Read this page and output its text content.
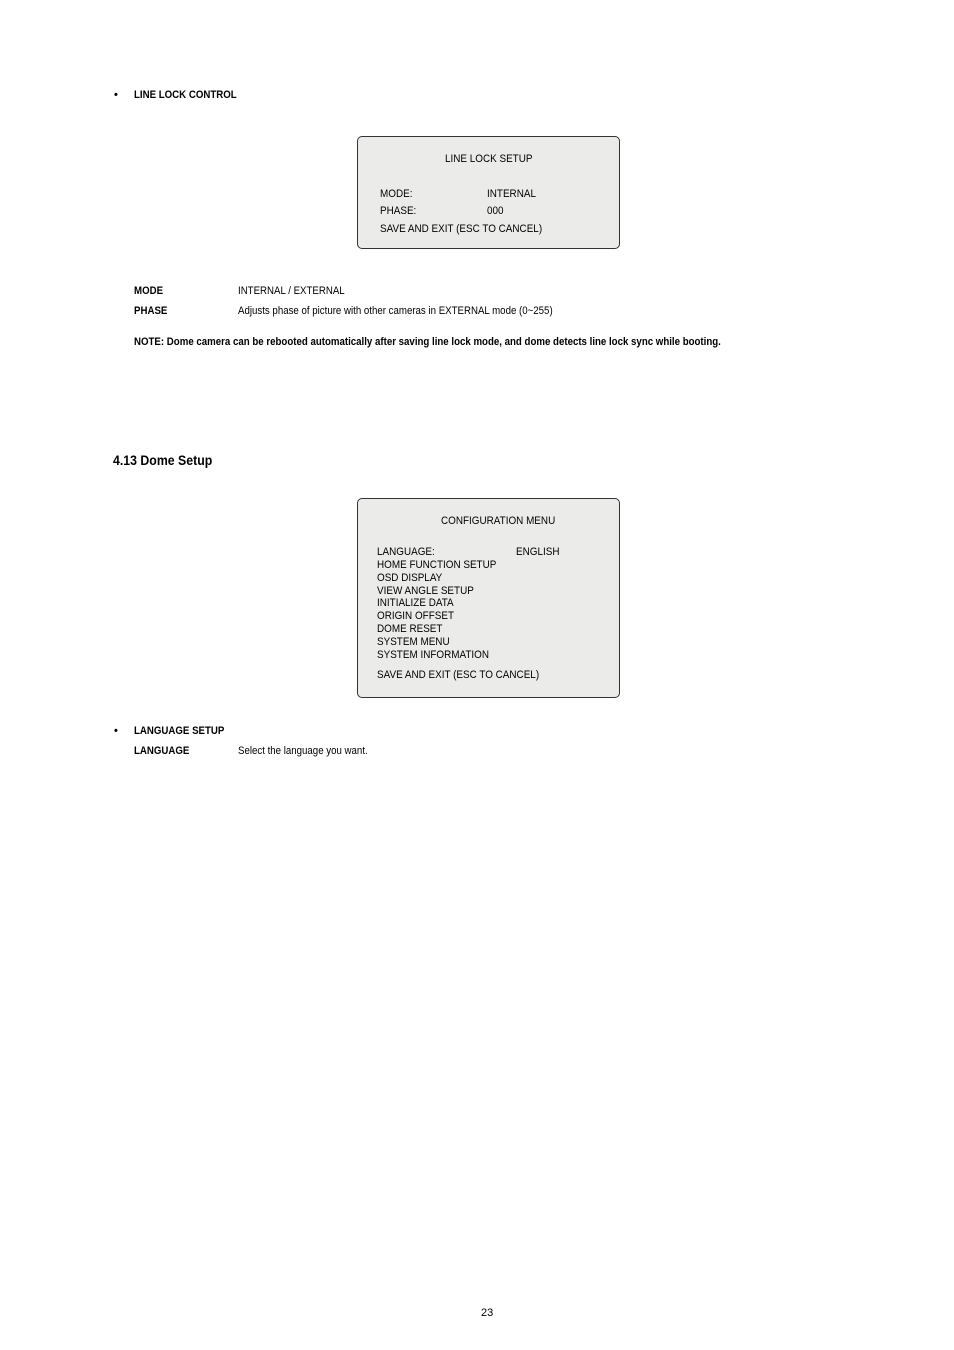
• LINE LOCK CONTROL
LINE LOCK SETUP
MODE:	INTERNAL
PHASE:	000
SAVE AND EXIT (ESC TO CANCEL)
MODE	INTERNAL / EXTERNAL
PHASE	Adjusts phase of picture with other cameras in EXTERNAL mode (0~255)
NOTE: Dome camera can be rebooted automatically after saving line lock mode, and dome detects line lock sync while booting.
4.13 Dome Setup
CONFIGURATION MENU
LANGUAGE:	ENGLISH
HOME FUNCTION SETUP
OSD DISPLAY
VIEW ANGLE SETUP
INITIALIZE DATA
ORIGIN OFFSET
DOME RESET
SYSTEM MENU
SYSTEM INFORMATION
SAVE AND EXIT (ESC TO CANCEL)
• LANGUAGE SETUP
LANGUAGE	Select the language you want.
23
